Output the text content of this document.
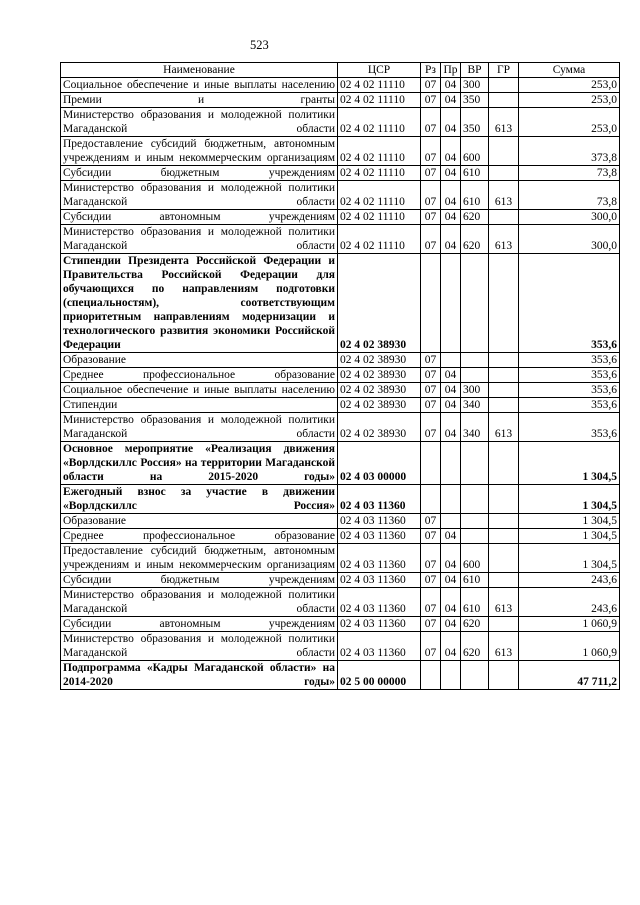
523
Наименование	ЦСР	Рз	Пр	ВР	ГР	Сумма
Социальное обеспечение и иные выплаты населению	02 4 02 11110	07	04	300		253,0
Премии и гранты	02 4 02 11110	07	04	350		253,0
Министерство образования и молодежной политики Магаданской области	02 4 02 11110	07	04	350	613	253,0
Предоставление субсидий бюджетным, автономным учреждениям и иным некоммерческим организациям	02 4 02 11110	07	04	600		373,8
Субсидии бюджетным учреждениям	02 4 02 11110	07	04	610		73,8
Министерство образования и молодежной политики Магаданской области	02 4 02 11110	07	04	610	613	73,8
Субсидии автономным учреждениям	02 4 02 11110	07	04	620		300,0
Министерство образования и молодежной политики Магаданской области	02 4 02 11110	07	04	620	613	300,0
Стипендии Президента Российской Федерации и Правительства Российской Федерации для обучающихся по направлениям подготовки (специальностям), соответствующим приоритетным направлениям модернизации и технологического развития экономики Российской Федерации	02 4 02 38930					353,6
Образование	02 4 02 38930	07				353,6
Среднее профессиональное образование	02 4 02 38930	07	04			353,6
Социальное обеспечение и иные выплаты населению	02 4 02 38930	07	04	300		353,6
Стипендии	02 4 02 38930	07	04	340		353,6
Министерство образования и молодежной политики Магаданской области	02 4 02 38930	07	04	340	613	353,6
Основное мероприятие «Реализация движения «Ворлдскиллс Россия» на территории Магаданской области на 2015-2020 годы»	02 4 03 00000					1 304,5
Ежегодный взнос за участие в движении «Ворлдскиллс Россия»	02 4 03 11360					1 304,5
Образование	02 4 03 11360	07				1 304,5
Среднее профессиональное образование	02 4 03 11360	07	04			1 304,5
Предоставление субсидий бюджетным, автономным учреждениям и иным некоммерческим организациям	02 4 03 11360	07	04	600		1 304,5
Субсидии бюджетным учреждениям	02 4 03 11360	07	04	610		243,6
Министерство образования и молодежной политики Магаданской области	02 4 03 11360	07	04	610	613	243,6
Субсидии автономным учреждениям	02 4 03 11360	07	04	620		1 060,9
Министерство образования и молодежной политики Магаданской области	02 4 03 11360	07	04	620	613	1 060,9
Подпрограмма «Кадры Магаданской области» на 2014-2020 годы»	02 5 00 00000					47 711,2
